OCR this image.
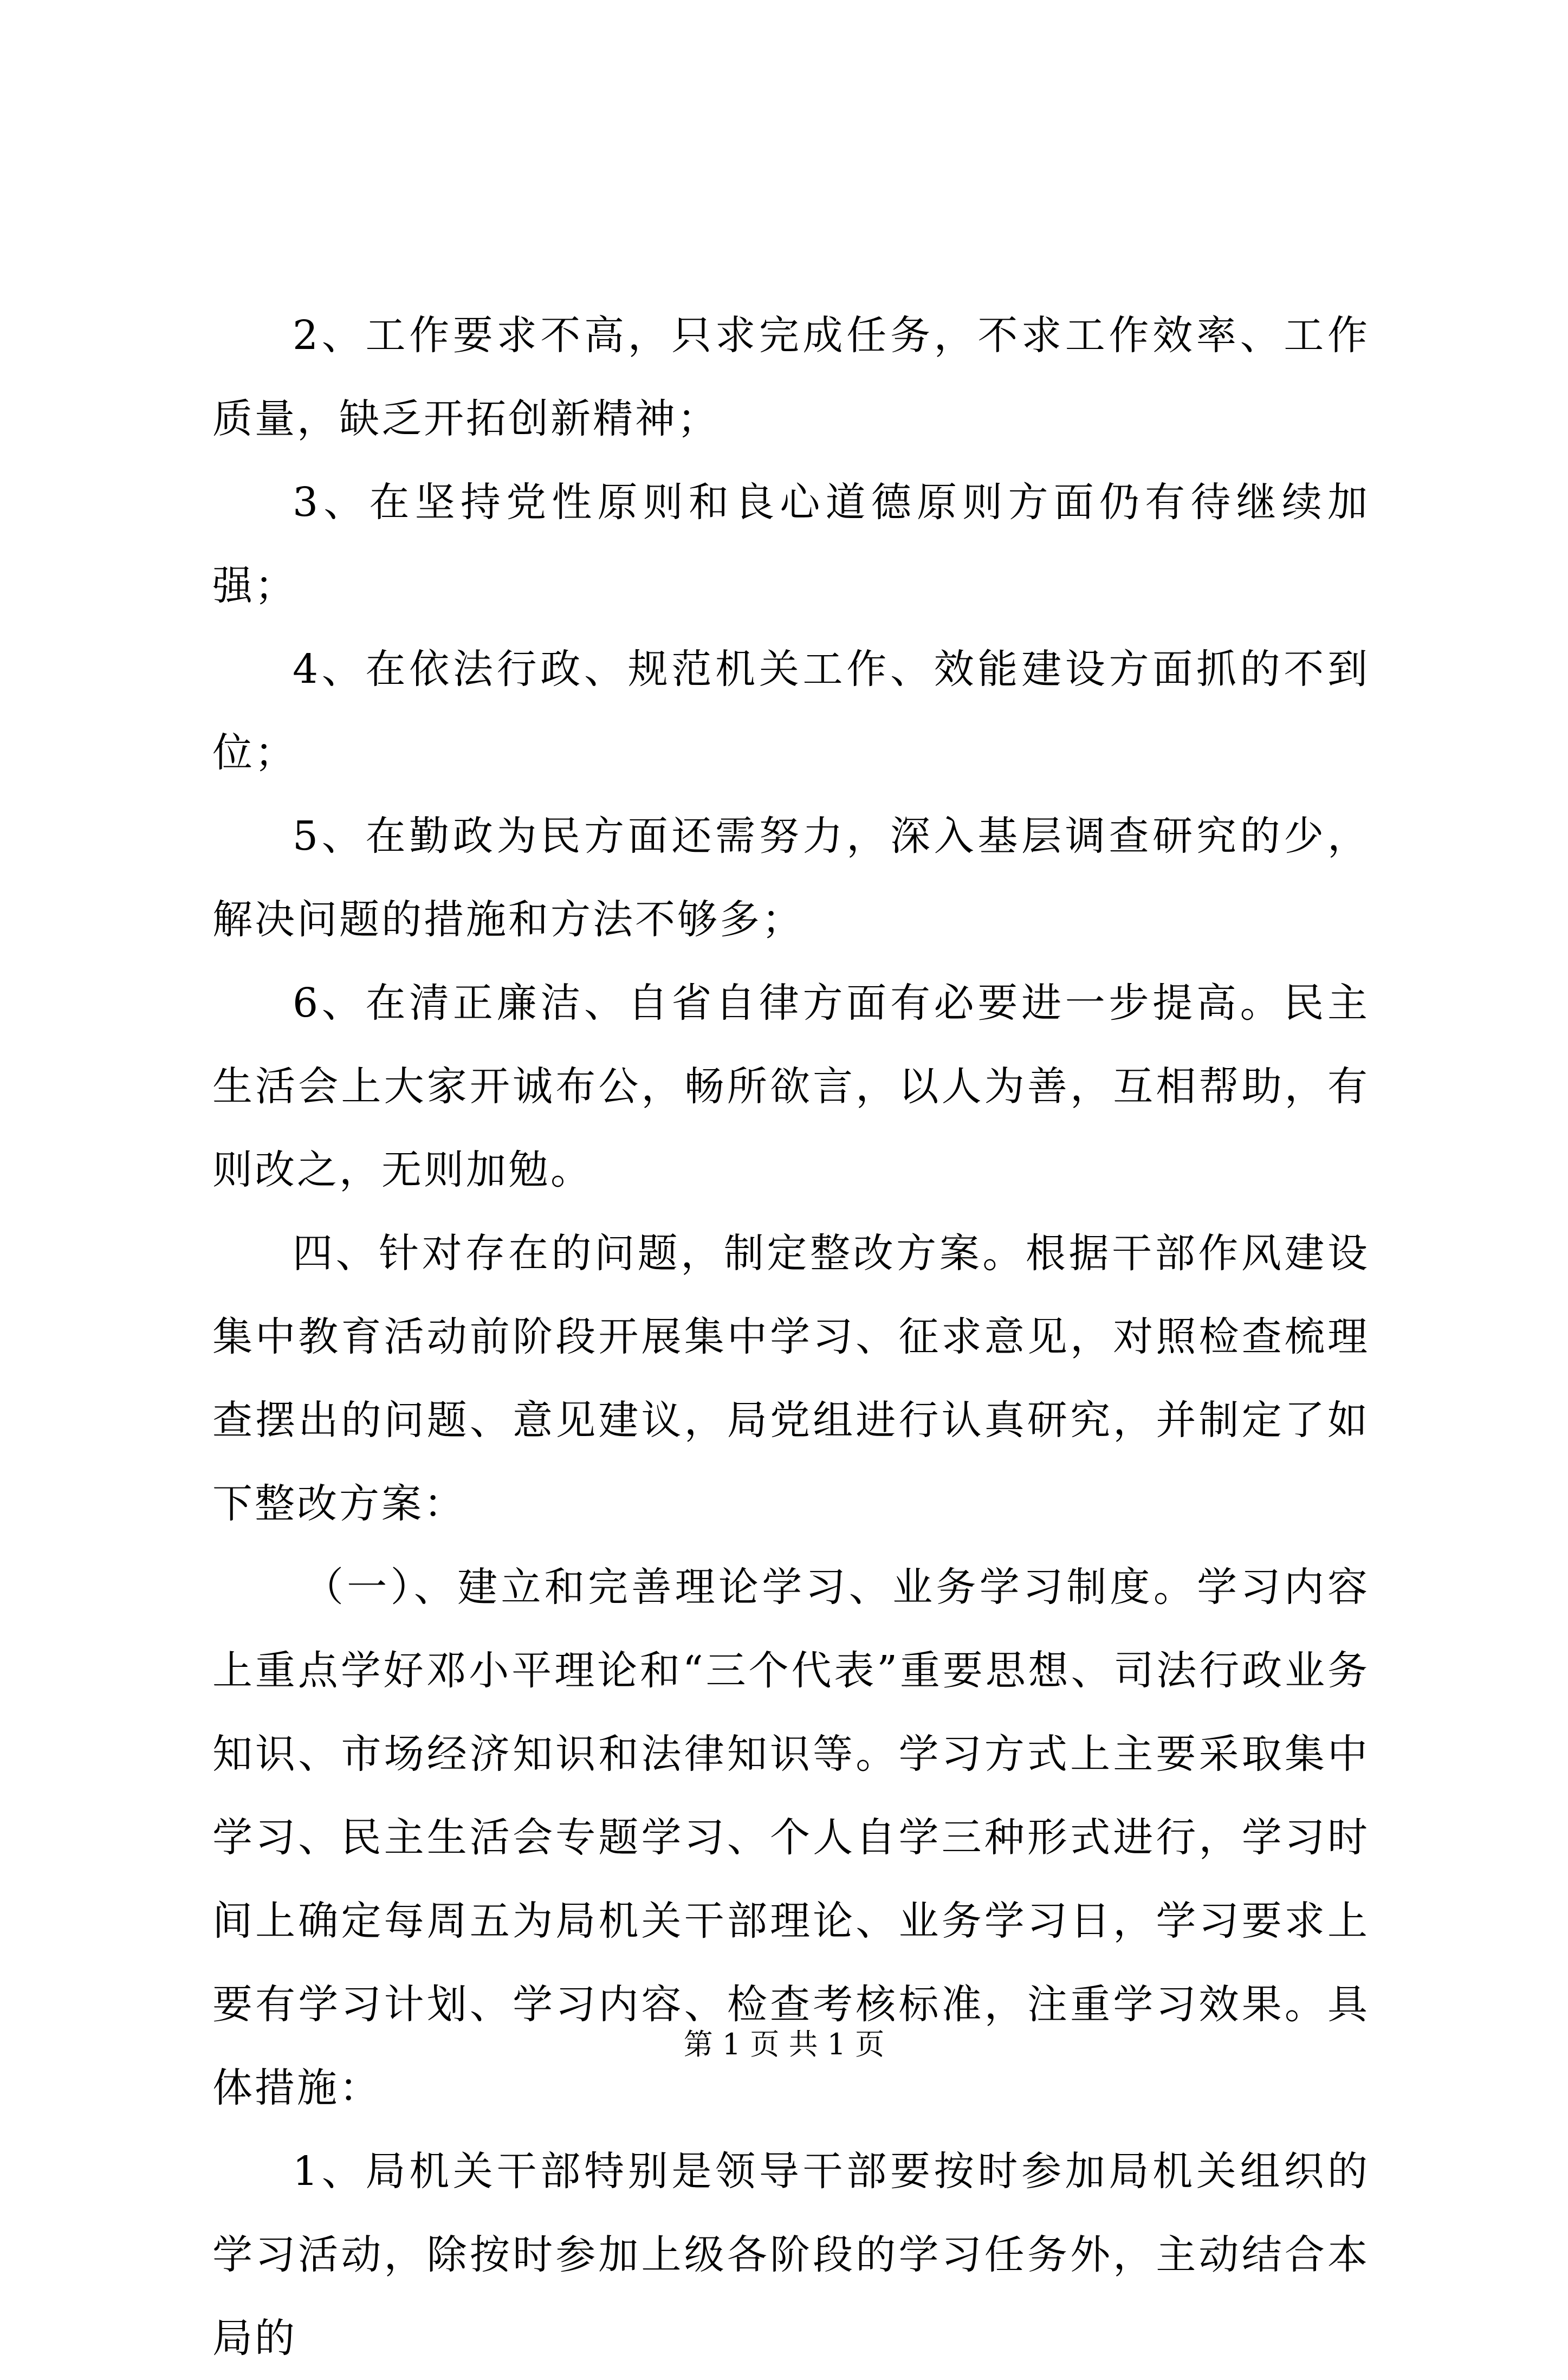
2、工作要求不高，只求完成任务，不求工作效率、工作质量，缺乏开拓创新精神；

3、在坚持党性原则和良心道德原则方面仍有待继续加强；

4、在依法行政、规范机关工作、效能建设方面抓的不到位；

5、在勤政为民方面还需努力，深入基层调查研究的少，解决问题的措施和方法不够多；

6、在清正廉洁、自省自律方面有必要进一步提高。民主生活会上大家开诚布公，畅所欲言，以人为善，互相帮助，有则改之，无则加勉。

四、针对存在的问题，制定整改方案。根据干部作风建设集中教育活动前阶段开展集中学习、征求意见，对照检查梳理查摆出的问题、意见建议，局党组进行认真研究，并制定了如下整改方案：

（一）、建立和完善理论学习、业务学习制度。学习内容上重点学好邓小平理论和“三个代表”重要思想、司法行政业务知识、市场经济知识和法律知识等。学习方式上主要采取集中学习、民主生活会专题学习、个人自学三种形式进行，学习时间上确定每周五为局机关干部理论、业务学习日，学习要求上要有学习计划、学习内容、检查考核标准，注重学习效果。具体措施：

1、局机关干部特别是领导干部要按时参加局机关组织的学习活动，除按时参加上级各阶段的学习任务外，主动结合本局的

第 1 页 共 1 页
